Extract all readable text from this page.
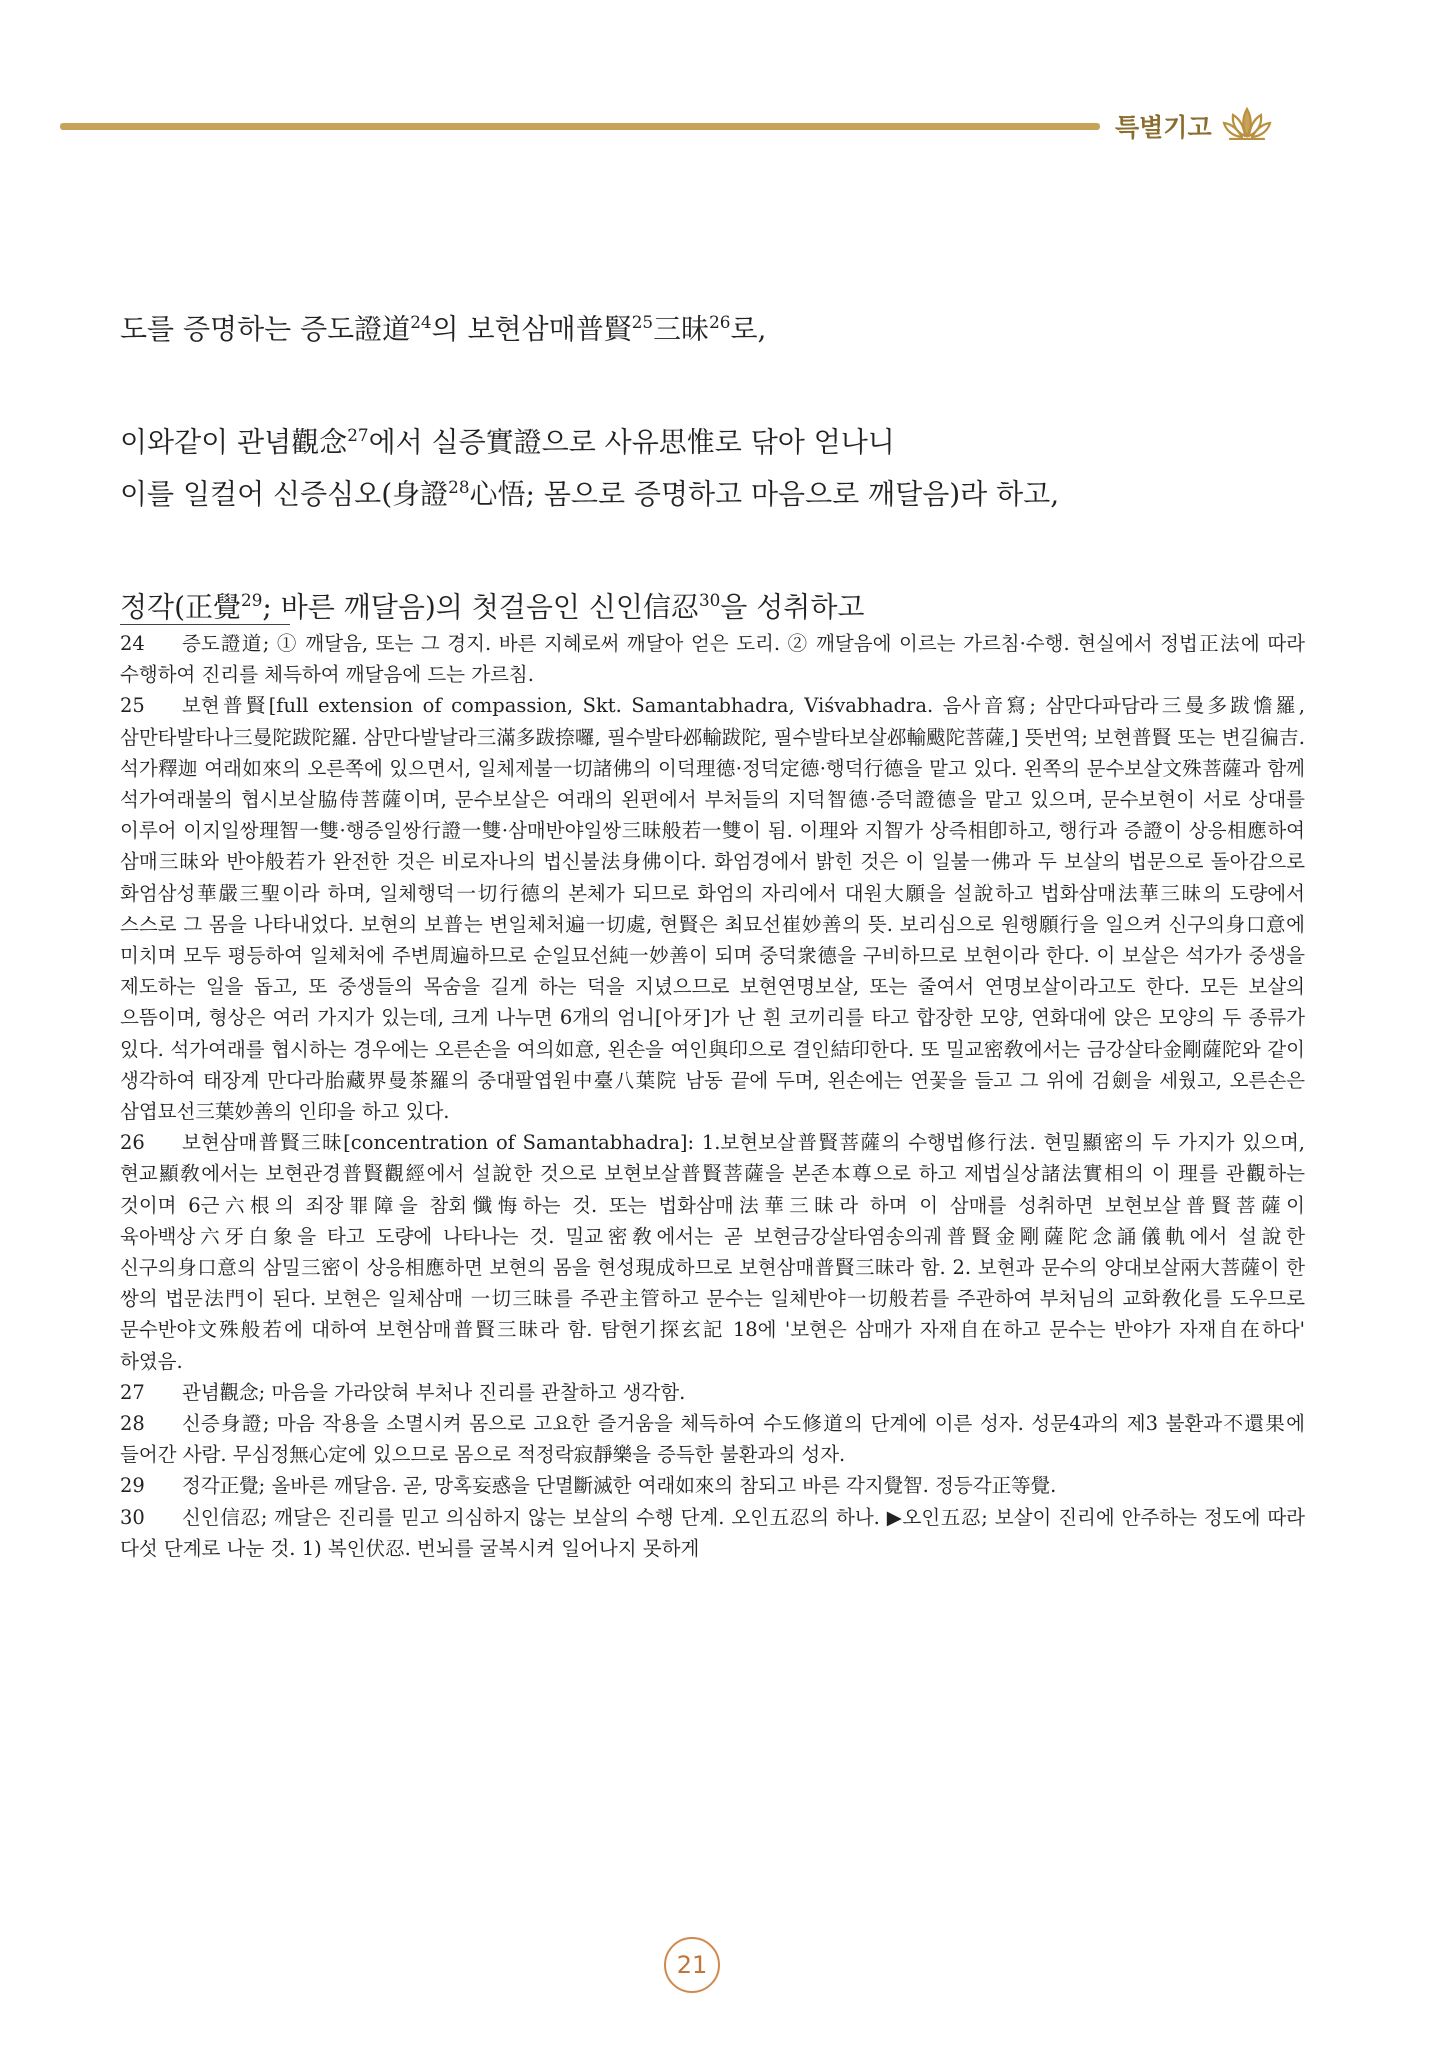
특별기고
도를 증명하는 증도證道$^{24}$의 보현삼매普賢$^{25}$三昧$^{26}$로,
이와같이 관념觀念$^{27}$에서 실증實證으로 사유思惟로 닦아 얻나니
이를 일컬어 신증심오(身證$^{28}$心悟; 몸으로 증명하고 마음으로 깨달음)라 하고,
정각(正覺$^{29}$; 바른 깨달음)의 첫걸음인 신인信忍$^{30}$을 성취하고

24 증도證道; ① 깨달음, 또는 그 경지. 바른 지혜로써 깨달아 얻은 도리. ② 깨달음에 이르는 가르침·수행. 현실에서 정법正法에 따라 수행하여 진리를 체득하여 깨달음에 드는 가르침.

25 보현普賢[full extension of compassion, Skt. Samantabhadra, Viśvabhadra. 음사音寫; 삼만다파담라三曼多跋憺羅, 삼만타발타나三曼陀跋陀羅. 삼만다발날라三滿多跋捺囉, 필수발타邲輸跋陀, 필수발타보살邲輸颰陀菩薩,] 뜻번역; 보현普賢 또는 변길徧吉. 석가釋迦 여래如來의 오른쪽에 있으면서, 일체제불一切諸佛의 이덕理德·정덕定德·행덕行德을 맡고 있다. 왼쪽의 문수보살文殊菩薩과 함께 석가여래불의 협시보살脇侍菩薩이며, 문수보살은 여래의 왼편에서 부처들의 지덕智德·증덕證德을 맡고 있으며, 문수보현이 서로 상대를 이루어 이지일쌍理智一雙·행증일쌍行證一雙·삼매반야일쌍三昧般若一雙이 됨. 이理와 지智가 상즉相卽하고, 행行과 증證이 상응相應하여 삼매三昧와 반야般若가 완전한 것은 비로자나의 법신불法身佛이다. 화엄경에서 밝힌 것은 이 일불一佛과 두 보살의 법문으로 돌아감으로 화엄삼성華嚴三聖이라 하며, 일체행덕一切行德의 본체가 되므로 화엄의 자리에서 대원大願을 설說하고 법화삼매法華三昧의 도량에서 스스로 그 몸을 나타내었다. 보현의 보普는 변일체처遍一切處, 현賢은 최묘선崔妙善의 뜻. 보리심으로 원행願行을 일으켜 신구의身口意에 미치며 모두 평등하여 일체처에 주변周遍하므로 순일묘선純一妙善이 되며 중덕衆德을 구비하므로 보현이라 한다. 이 보살은 석가가 중생을 제도하는 일을 돕고, 또 중생들의 목숨을 길게 하는 덕을 지녔으므로 보현연명보살, 또는 줄여서 연명보살이라고도 한다. 모든 보살의 으뜸이며, 형상은 여러 가지가 있는데, 크게 나누면 6개의 엄니[아牙]가 난 흰 코끼리를 타고 합장한 모양, 연화대에 앉은 모양의 두 종류가 있다. 석가여래를 협시하는 경우에는 오른손을 여의如意, 왼손을 여인與印으로 결인結印한다. 또 밀교密敎에서는 금강살타金剛薩陀와 같이 생각하여 태장계 만다라胎藏界曼茶羅의 중대팔엽원中臺八葉院 남동 끝에 두며, 왼손에는 연꽃을 들고 그 위에 검劍을 세웠고, 오른손은 삼엽묘선三葉妙善의 인印을 하고 있다.

26 보현삼매普賢三昧[concentration of Samantabhadra]: 1.보현보살普賢菩薩의 수행법修行法. 현밀顯密의 두 가지가 있으며, 현교顯敎에서는 보현관경普賢觀經에서 설說한 것으로 보현보살普賢菩薩을 본존本尊으로 하고 제법실상諸法實相의 이 理를 관觀하는 것이며 6근六根의 죄장罪障을 참회懺悔하는 것. 또는 법화삼매法華三昧라 하며 이 삼매를 성취하면 보현보살普賢菩薩이 육아백상六牙白象을 타고 도량에 나타나는 것. 밀교密敎에서는 곧 보현금강살타염송의궤普賢金剛薩陀念誦儀軌에서 설說한 신구의身口意의 삼밀三密이 상응相應하면 보현의 몸을 현성現成하므로 보현삼매普賢三昧라 함. 2. 보현과 문수의 양대보살兩大菩薩이 한 쌍의 법문法門이 된다. 보현은 일체삼매 一切三昧를 주관主管하고 문수는 일체반야一切般若를 주관하여 부처님의 교화敎化를 도우므로 문수반야文殊般若에 대하여 보현삼매普賢三昧라 함. 탐현기探玄記 18에 '보현은 삼매가 자재自在하고 문수는 반야가 자재自在하다' 하였음.

27 관념觀念; 마음을 가라앉혀 부처나 진리를 관찰하고 생각함.

28 신증身證; 마음 작용을 소멸시켜 몸으로 고요한 즐거움을 체득하여 수도修道의 단계에 이른 성자. 성문4과의 제3 불환과不還果에 들어간 사람. 무심정無心定에 있으므로 몸으로 적정락寂靜樂을 증득한 불환과의 성자.

29 정각正覺; 올바른 깨달음. 곧, 망혹妄惑을 단멸斷滅한 여래如來의 참되고 바른 각지覺智. 정등각正等覺.

30 신인信忍; 깨달은 진리를 믿고 의심하지 않는 보살의 수행 단계. 오인五忍의 하나. ▶오인五忍; 보살이 진리에 안주하는 정도에 따라 다섯 단계로 나눈 것. 1) 복인伏忍. 번뇌를 굴복시켜 일어나지 못하게

21
